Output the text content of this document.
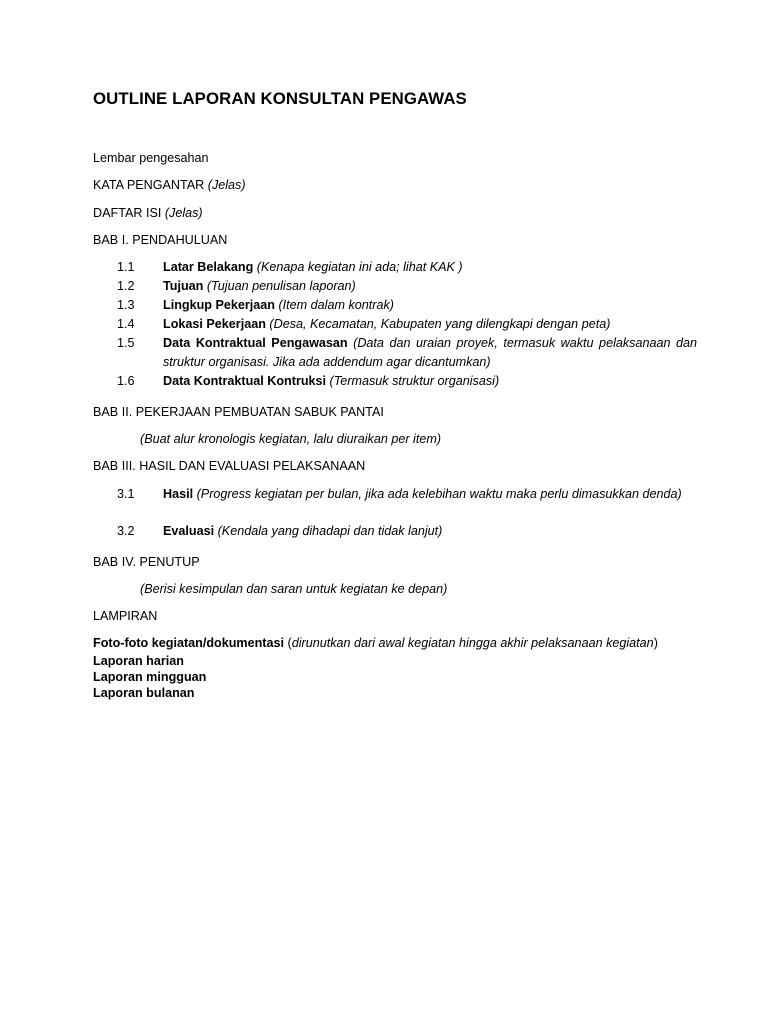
OUTLINE LAPORAN KONSULTAN PENGAWAS
Lembar pengesahan
KATA PENGANTAR (Jelas)
DAFTAR ISI (Jelas)
BAB I. PENDAHULUAN
1.1 Latar Belakang (Kenapa kegiatan ini ada; lihat KAK )
1.2 Tujuan (Tujuan penulisan laporan)
1.3 Lingkup Pekerjaan (Item dalam kontrak)
1.4 Lokasi Pekerjaan (Desa, Kecamatan, Kabupaten yang dilengkapi dengan peta)
1.5 Data Kontraktual Pengawasan (Data dan uraian proyek, termasuk waktu pelaksanaan dan struktur organisasi. Jika ada addendum agar dicantumkan)
1.6 Data Kontraktual Kontruksi (Termasuk struktur organisasi)
BAB II. PEKERJAAN PEMBUATAN SABUK PANTAI
(Buat alur kronologis kegiatan, lalu diuraikan per item)
BAB III. HASIL DAN EVALUASI PELAKSANAAN
3.1 Hasil (Progress kegiatan per bulan, jika ada kelebihan waktu maka perlu dimasukkan denda)
3.2 Evaluasi (Kendala yang dihadapi dan tidak lanjut)
BAB IV. PENUTUP
(Berisi kesimpulan dan saran untuk kegiatan ke depan)
LAMPIRAN
Foto-foto kegiatan/dokumentasi (dirunutkan dari awal kegiatan hingga akhir pelaksanaan kegiatan)
Laporan harian
Laporan mingguan
Laporan bulanan
